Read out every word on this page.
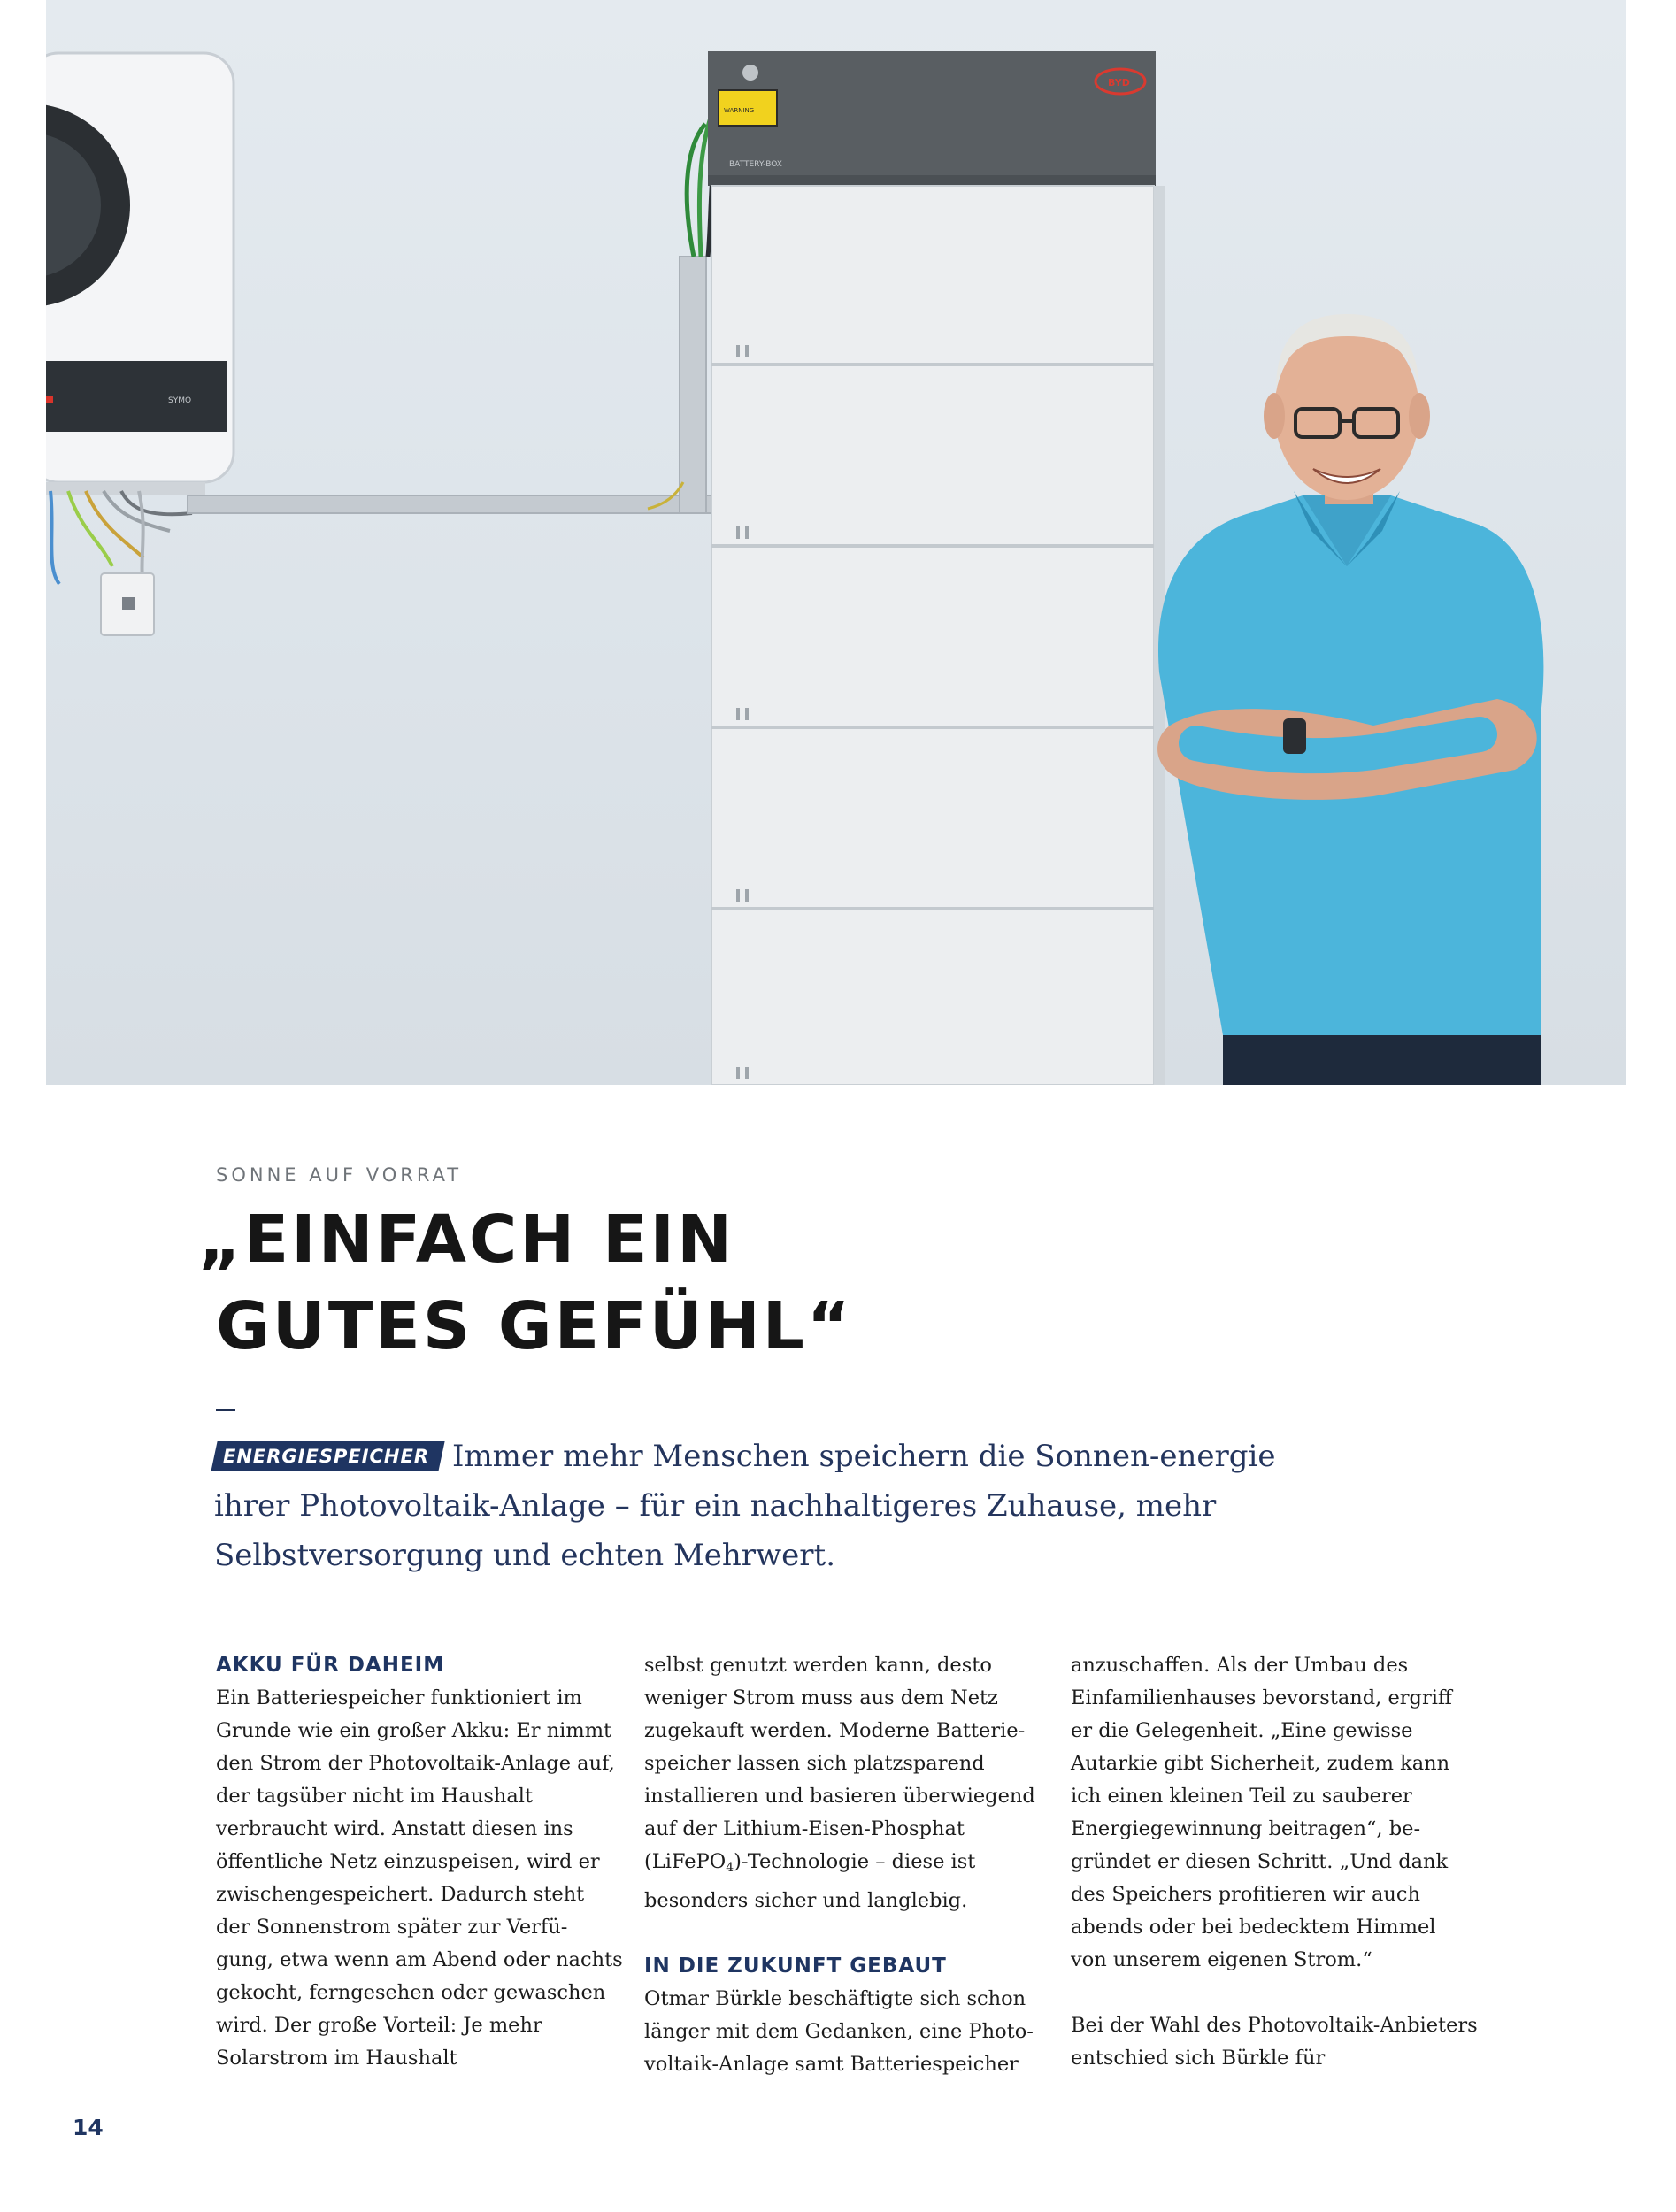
SYMO
WARNING
BYD
BATTERY-BOX
SONNE AUF VORRAT
„EINFACH EIN
GUTES GEFÜHL“
ENERGIESPEICHER Immer mehr Menschen speichern die Sonnen-energie ihrer Photovoltaik-Anlage – für ein nachhaltigeres Zuhause, mehr Selbstversorgung und echten Mehrwert.
AKKU FÜR DAHEIM

Ein Batteriespeicher funktioniert im Grunde wie ein großer Akku: Er nimmt den Strom der Photovoltaik-Anlage auf, der tagsüber nicht im Haushalt verbraucht wird. Anstatt diesen ins öffentliche Netz einzuspeisen, wird er zwischengespeichert. Dadurch steht der Sonnenstrom später zur Verfü-gung, etwa wenn am Abend oder nachts gekocht, ferngesehen oder gewaschen wird. Der große Vorteil: Je mehr Solarstrom im Haushalt

selbst genutzt werden kann, desto weniger Strom muss aus dem Netz zugekauft werden. Moderne Batterie-speicher lassen sich platzsparend installieren und basieren überwiegend auf der Lithium-Eisen-Phosphat (LiFePO$_4$)-Technologie – diese ist besonders sicher und langlebig.

IN DIE ZUKUNFT GEBAUT

Otmar Bürkle beschäftigte sich schon länger mit dem Gedanken, eine Photo-voltaik-Anlage samt Batteriespeicher

anzuschaffen. Als der Umbau des Einfamilienhauses bevorstand, ergriff er die Gelegenheit. „Eine gewisse Autarkie gibt Sicherheit, zudem kann ich einen kleinen Teil zu sauberer Energiegewinnung beitragen“, be-gründet er diesen Schritt. „Und dank des Speichers profitieren wir auch abends oder bei bedecktem Himmel von unserem eigenen Strom.“

Bei der Wahl des Photovoltaik-Anbieters entschied sich Bürkle für

14
